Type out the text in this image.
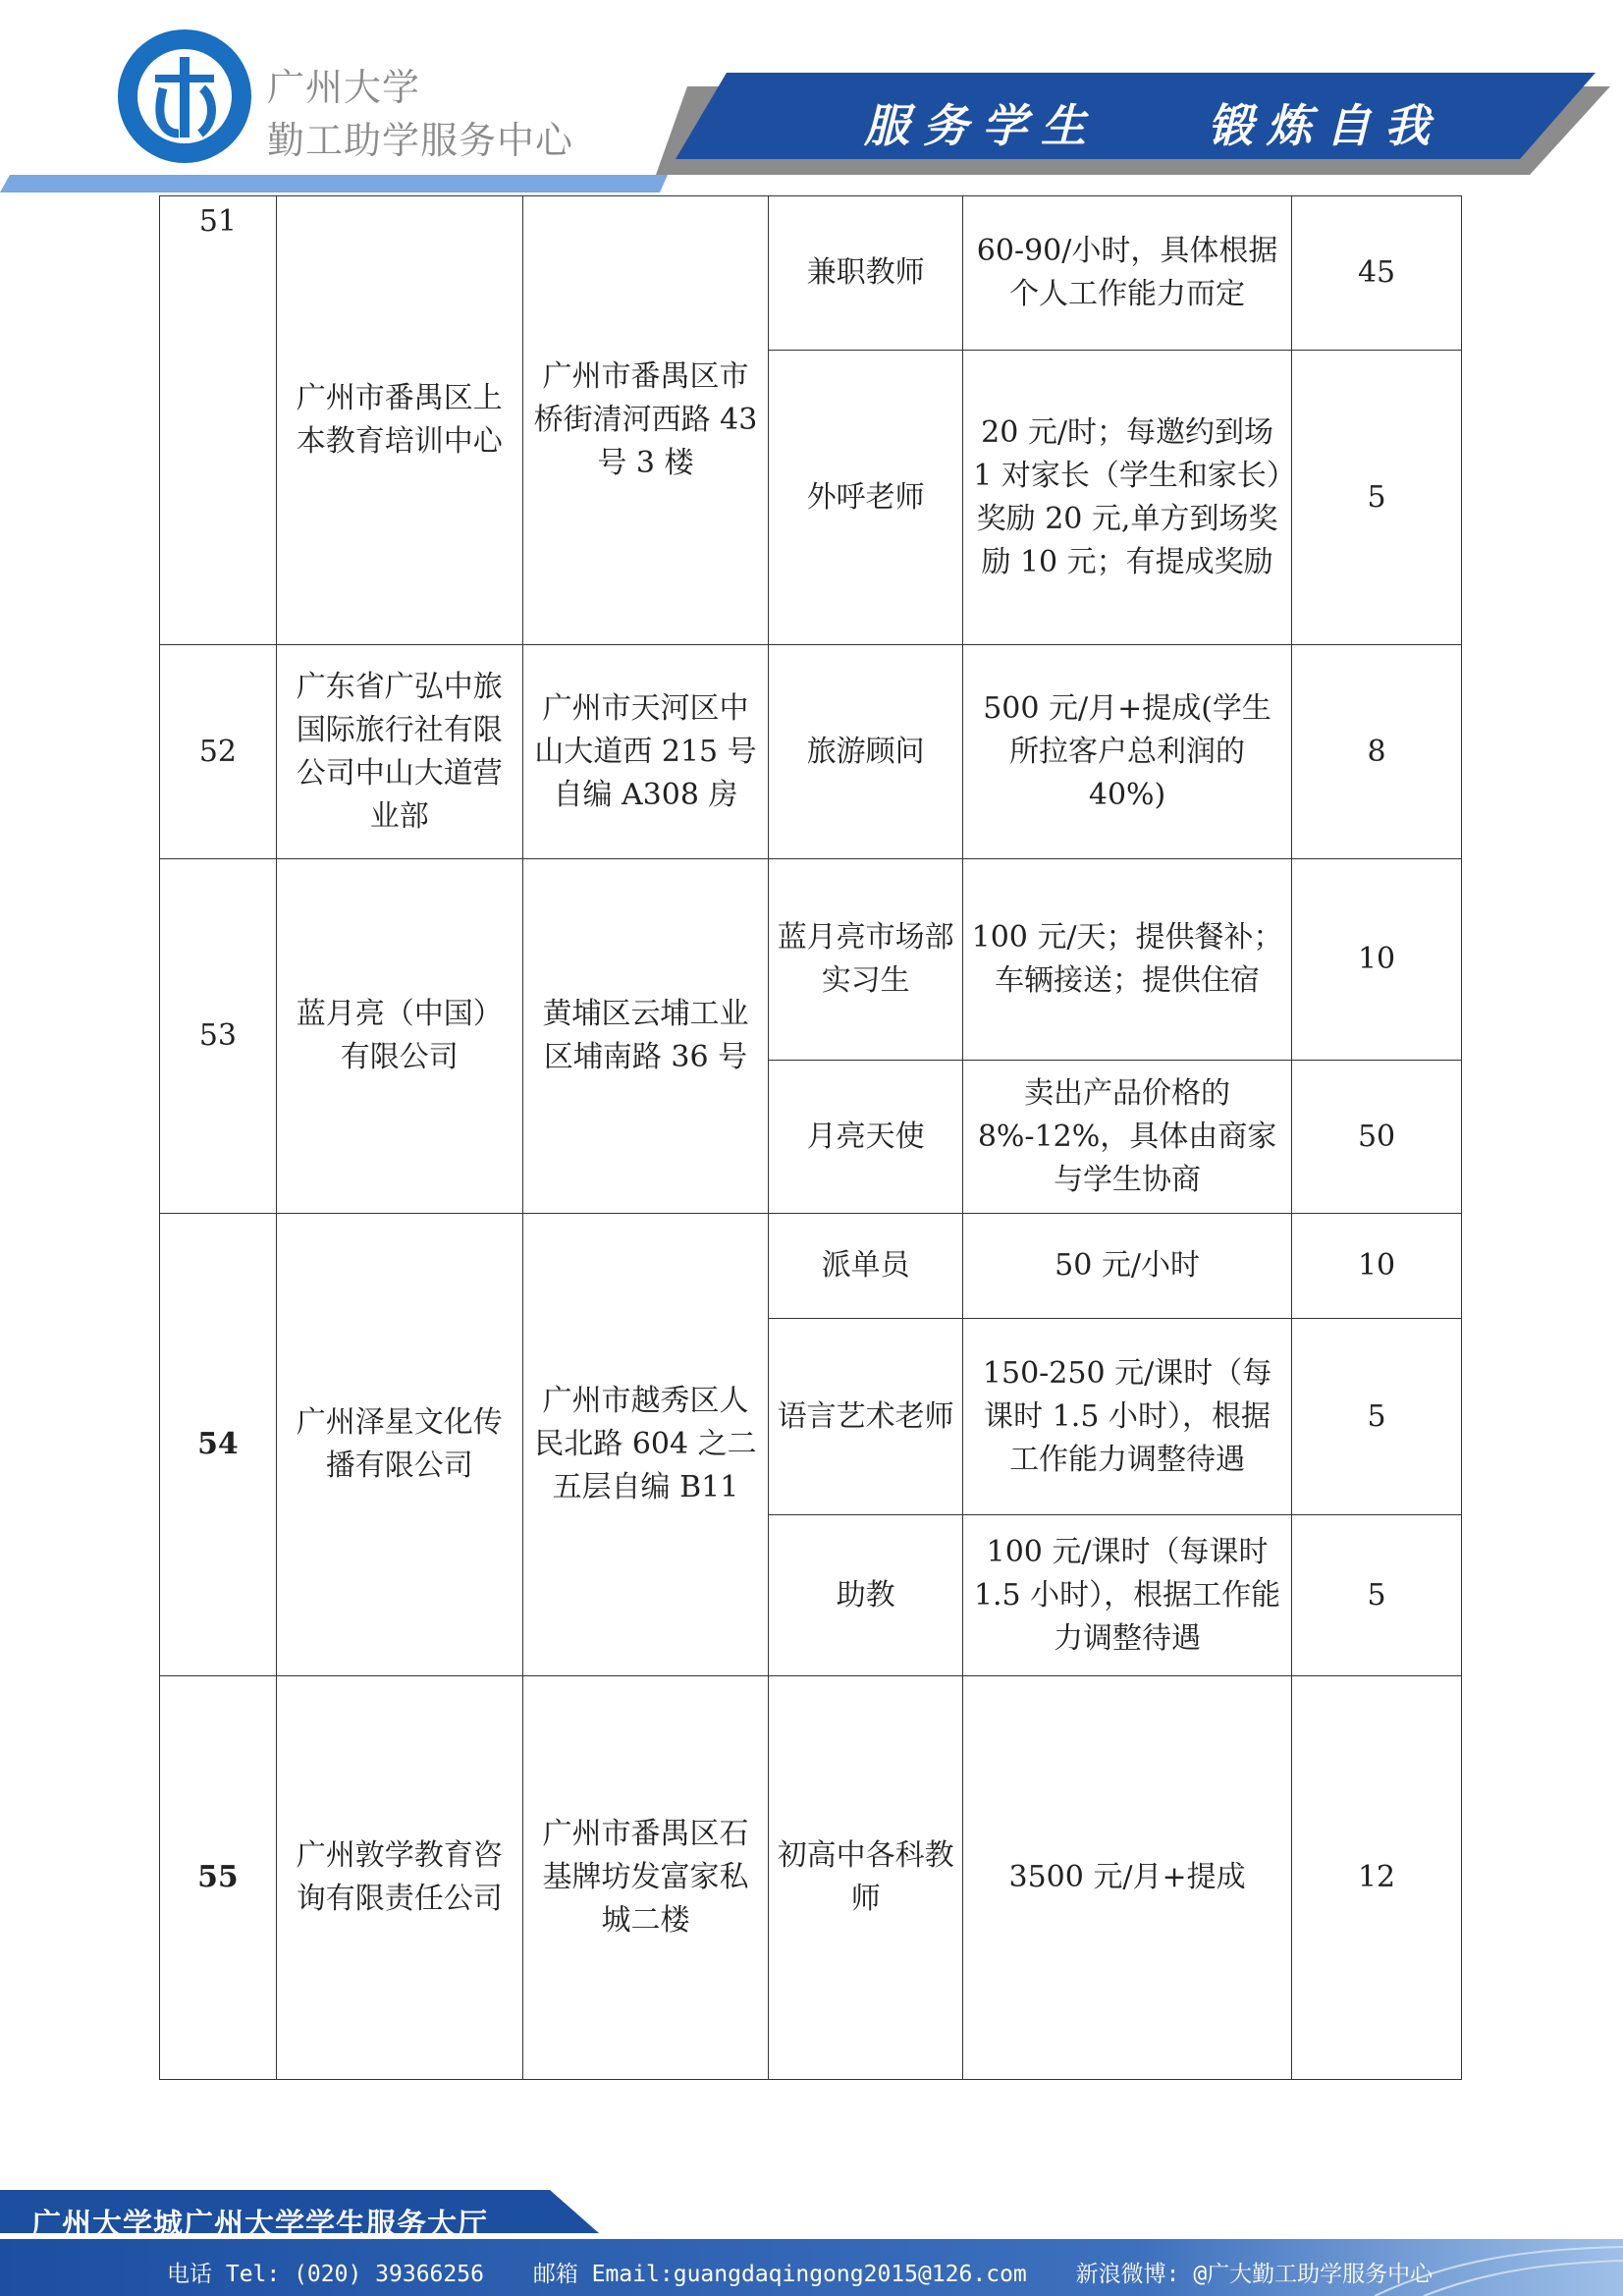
广州大学
勤工助学服务中心	服务学生 锻炼自我
51	广州市番禺区上本教育培训中心	广州市番禺区市桥街清河西路 43 号 3 楼	兼职教师	60-90/小时，具体根据个人工作能力而定	45
			外呼老师	20 元/时；每邀约到场 1 对家长（学生和家长）奖励 20 元,单方到场奖励 10 元；有提成奖励	5
52	广东省广弘中旅国际旅行社有限公司中山大道营业部	广州市天河区中山大道西 215 号自编 A308 房	旅游顾问	500 元/月+提成(学生所拉客户总利润的 40%)	8
53	蓝月亮（中国）有限公司	黄埔区云埔工业区埔南路 36 号	蓝月亮市场部实习生	100 元/天；提供餐补；车辆接送；提供住宿	10
			月亮天使	卖出产品价格的 8%-12%，具体由商家与学生协商	50
54	广州泽星文化传播有限公司	广州市越秀区人民北路 604 之二五层自编 B11	派单员	50 元/小时	10
			语言艺术老师	150-250 元/课时（每课时 1.5 小时），根据工作能力调整待遇	5
			助教	100 元/课时（每课时 1.5 小时），根据工作能力调整待遇	5
55	广州敦学教育咨询有限责任公司	广州市番禺区石基牌坊发富家私城二楼	初高中各科教师	3500 元/月+提成	12
广州大学城广州大学学生服务大厅
电话 Tel: (020) 39366256 邮箱 Email:guangdaqingong2015@126.com 新浪微博: @广大勤工助学服务中心
